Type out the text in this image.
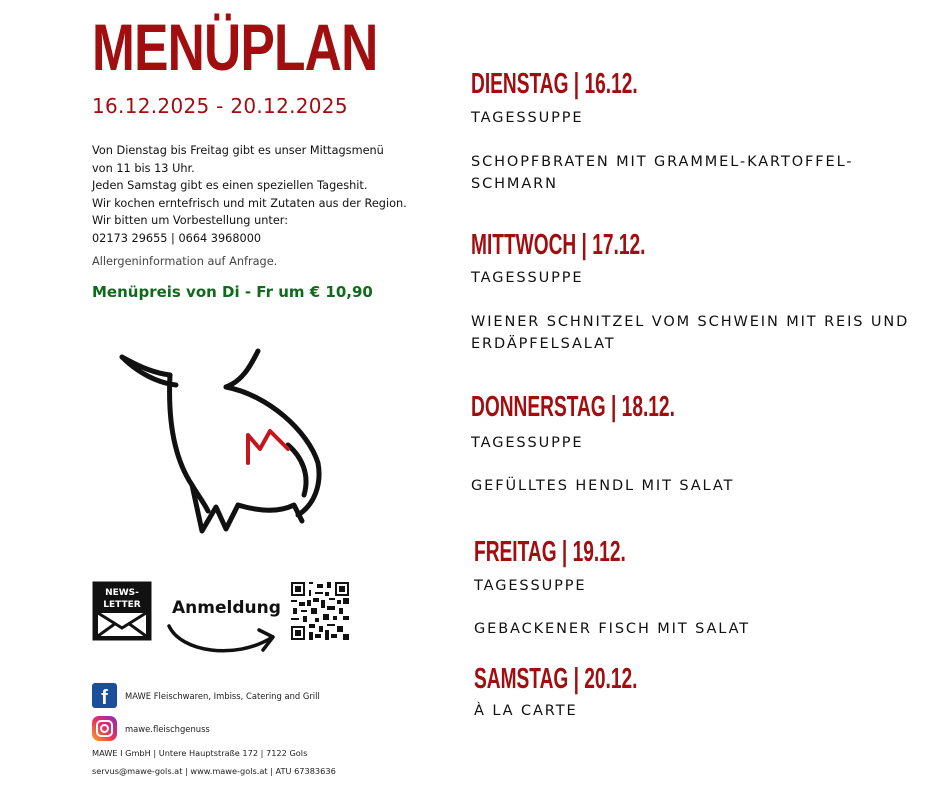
MENÜPLAN
16.12.2025 - 20.12.2025
Von Dienstag bis Freitag gibt es unser Mittagsmenü
von 11 bis 13 Uhr.
Jeden Samstag gibt es einen speziellen Tageshit.
Wir kochen erntefrisch und mit Zutaten aus der Region.
Wir bitten um Vorbestellung unter:
02173 29655 | 0664 3968000
Allergeninformation auf Anfrage.
Menüpreis von Di - Fr um € 10,90
NEWS-
LETTER Anmeldung
f	MAWE Fleischwaren, Imbiss, Catering and Grill
mawe.fleischgenuss
MAWE I GmbH | Untere Hauptstraße 172 | 7122 Gols
servus@mawe-gols.at | www.mawe-gols.at | ATU 67383636
DIENSTAG | 16.12.
TAGESSUPPE
SCHOPFBRATEN MIT GRAMMEL-KARTOFFEL-
SCHMARN
MITTWOCH | 17.12.
TAGESSUPPE
WIENER SCHNITZEL VOM SCHWEIN MIT REIS UND
ERDÄPFELSALAT
DONNERSTAG | 18.12.
TAGESSUPPE
GEFÜLLTES HENDL MIT SALAT
FREITAG | 19.12.
TAGESSUPPE
GEBACKENER FISCH MIT SALAT
SAMSTAG | 20.12.
À LA CARTE
